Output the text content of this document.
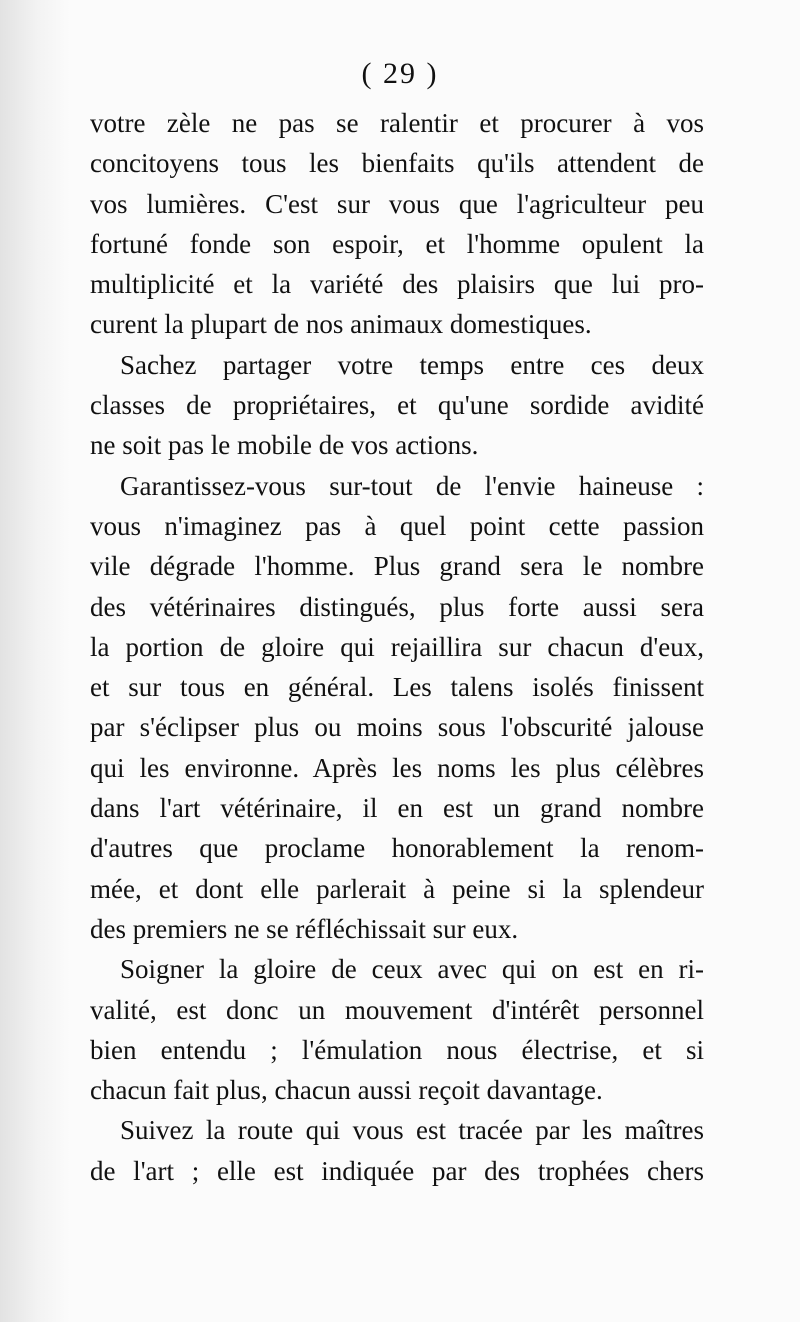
( 29 )
votre zèle ne pas se ralentir et procurer à vos
concitoyens tous les bienfaits qu'ils attendent de
vos lumières. C'est sur vous que l'agriculteur peu
fortuné fonde son espoir, et l'homme opulent la
multiplicité et la variété des plaisirs que lui pro-
curent la plupart de nos animaux domestiques.
Sachez partager votre temps entre ces deux
classes de propriétaires, et qu'une sordide avidité
ne soit pas le mobile de vos actions.
Garantissez-vous sur-tout de l'envie haineuse :
vous n'imaginez pas à quel point cette passion
vile dégrade l'homme. Plus grand sera le nombre
des vétérinaires distingués, plus forte aussi sera
la portion de gloire qui rejaillira sur chacun d'eux,
et sur tous en général. Les talens isolés finissent
par s'éclipser plus ou moins sous l'obscurité jalouse
qui les environne. Après les noms les plus célèbres
dans l'art vétérinaire, il en est un grand nombre
d'autres que proclame honorablement la renom-
mée, et dont elle parlerait à peine si la splendeur
des premiers ne se réfléchissait sur eux.
Soigner la gloire de ceux avec qui on est en ri-
valité, est donc un mouvement d'intérêt personnel
bien entendu ; l'émulation nous électrise, et si
chacun fait plus, chacun aussi reçoit davantage.
Suivez la route qui vous est tracée par les maîtres
de l'art ; elle est indiquée par des trophées chers
